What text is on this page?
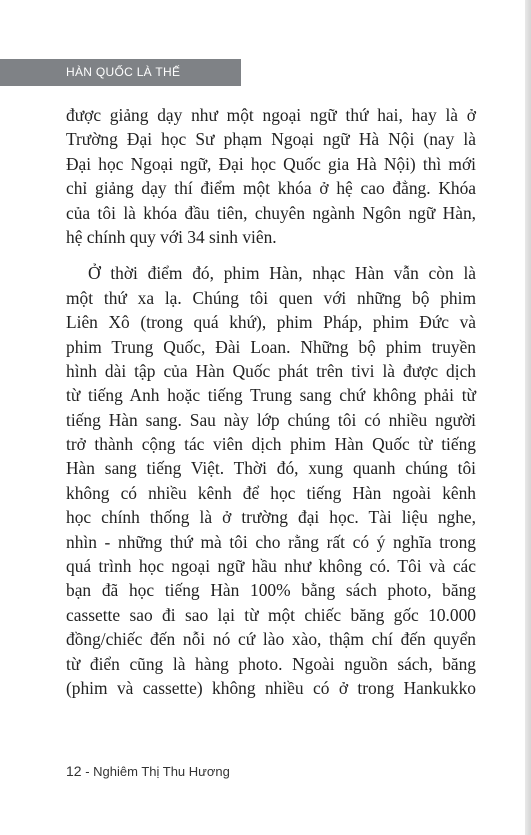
HÀN QUỐC LÀ THẾ
được giảng dạy như một ngoại ngữ thứ hai, hay là ở
Trường Đại học Sư phạm Ngoại ngữ Hà Nội (nay là
Đại học Ngoại ngữ, Đại học Quốc gia Hà Nội) thì mới
chỉ giảng dạy thí điểm một khóa ở hệ cao đẳng. Khóa
của tôi là khóa đầu tiên, chuyên ngành Ngôn ngữ Hàn,
hệ chính quy với 34 sinh viên.
Ở thời điểm đó, phim Hàn, nhạc Hàn vẫn còn là
một thứ xa lạ. Chúng tôi quen với những bộ phim
Liên Xô (trong quá khứ), phim Pháp, phim Đức và
phim Trung Quốc, Đài Loan. Những bộ phim truyền
hình dài tập của Hàn Quốc phát trên tivi là được dịch
từ tiếng Anh hoặc tiếng Trung sang chứ không phải từ
tiếng Hàn sang. Sau này lớp chúng tôi có nhiều người
trở thành cộng tác viên dịch phim Hàn Quốc từ tiếng
Hàn sang tiếng Việt. Thời đó, xung quanh chúng tôi
không có nhiều kênh để học tiếng Hàn ngoài kênh
học chính thống là ở trường đại học. Tài liệu nghe,
nhìn - những thứ mà tôi cho rằng rất có ý nghĩa trong
quá trình học ngoại ngữ hầu như không có. Tôi và các
bạn đã học tiếng Hàn 100% bằng sách photo, băng
cassette sao đi sao lại từ một chiếc băng gốc 10.000
đồng/chiếc đến nỗi nó cứ lào xào, thậm chí đến quyển
từ điển cũng là hàng photo. Ngoài nguồn sách, băng
(phim và cassette) không nhiều có ở trong Hankukko
12 - Nghiêm Thị Thu Hương
